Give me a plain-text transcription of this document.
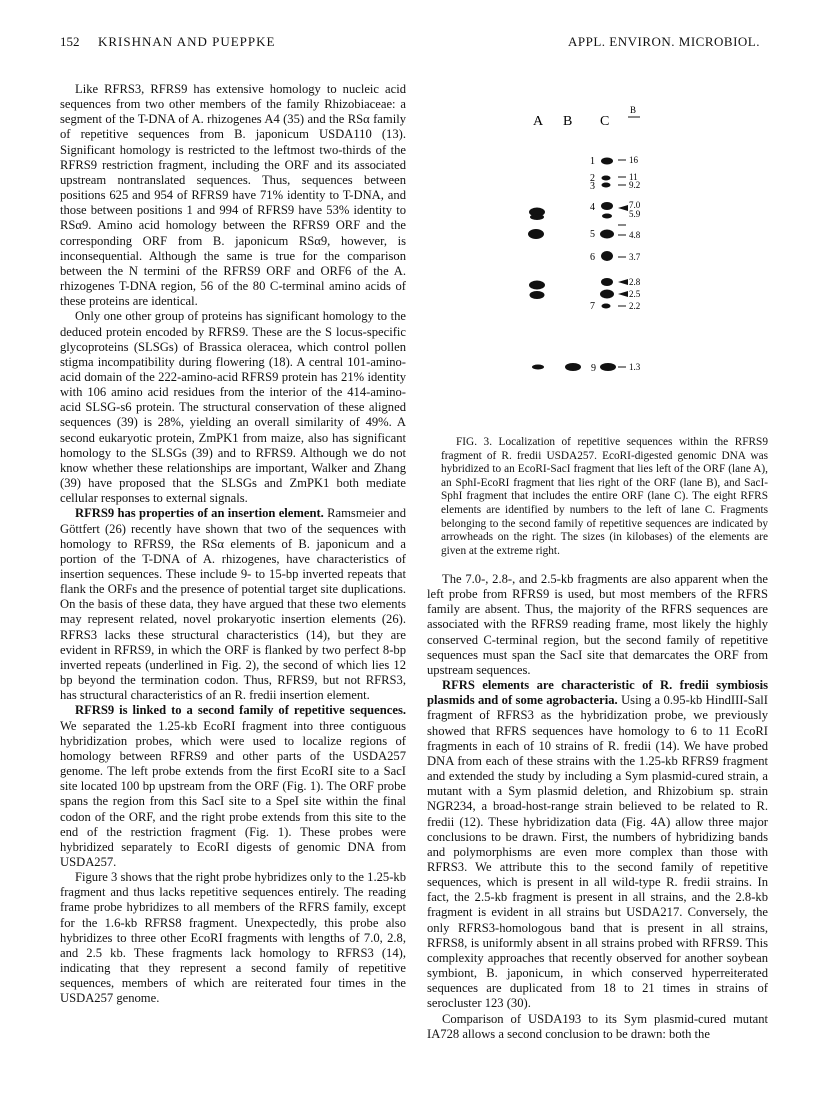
152 KRISHNAN AND PUEPPKE	APPL. ENVIRON. MICROBIOL.

Like RFRS3, RFRS9 has extensive homology to nucleic acid sequences from two other members of the family Rhizobiaceae: a segment of the T-DNA of A. rhizogenes A4 (35) and the RSα family of repetitive sequences from B. japonicum USDA110 (13). Significant homology is restricted to the leftmost two-thirds of the RFRS9 restriction fragment, including the ORF and its associated upstream nontranslated sequences. Thus, sequences between positions 625 and 954 of RFRS9 have 71% identity to T-DNA, and those between positions 1 and 994 of RFRS9 have 53% identity to RSα9. Amino acid homology between the RFRS9 ORF and the corresponding ORF from B. japonicum RSα9, however, is inconsequential. Although the same is true for the comparison between the N termini of the RFRS9 ORF and ORF6 of the A. rhizogenes T-DNA region, 56 of the 80 C-terminal amino acids of these proteins are identical.

Only one other group of proteins has significant homology to the deduced protein encoded by RFRS9. These are the S locus-specific glycoproteins (SLSGs) of Brassica oleracea, which control pollen stigma incompatibility during flowering (18). A central 101-amino-acid domain of the 222-amino-acid RFRS9 protein has 21% identity with 106 amino acid residues from the interior of the 414-amino-acid SLSG-s6 protein. The structural conservation of these aligned sequences (39) is 28%, yielding an overall similarity of 49%. A second eukaryotic protein, ZmPK1 from maize, also has significant homology to the SLSGs (39) and to RFRS9. Although we do not know whether these relationships are important, Walker and Zhang (39) have proposed that the SLSGs and ZmPK1 both mediate cellular responses to external signals.

RFRS9 has properties of an insertion element. Ramsmeier and Göttfert (26) recently have shown that two of the sequences with homology to RFRS9, the RSα elements of B. japonicum and a portion of the T-DNA of A. rhizogenes, have characteristics of insertion sequences. These include 9- to 15-bp inverted repeats that flank the ORFs and the presence of potential target site duplications. On the basis of these data, they have argued that these two elements may represent related, novel prokaryotic insertion elements (26). RFRS3 lacks these structural characteristics (14), but they are evident in RFRS9, in which the ORF is flanked by two perfect 8-bp inverted repeats (underlined in Fig. 2), the second of which lies 12 bp beyond the termination codon. Thus, RFRS9, but not RFRS3, has structural characteristics of an R. fredii insertion element.

RFRS9 is linked to a second family of repetitive sequences. We separated the 1.25-kb EcoRI fragment into three contiguous hybridization probes, which were used to localize regions of homology between RFRS9 and other parts of the USDA257 genome. The left probe extends from the first EcoRI site to a SacI site located 100 bp upstream from the ORF (Fig. 1). The ORF probe spans the region from this SacI site to a SpeI site within the final codon of the ORF, and the right probe extends from this site to the end of the restriction fragment (Fig. 1). These probes were hybridized separately to EcoRI digests of genomic DNA from USDA257.

Figure 3 shows that the right probe hybridizes only to the 1.25-kb fragment and thus lacks repetitive sequences entirely. The reading frame probe hybridizes to all members of the RFRS family, except for the 1.6-kb RFRS8 fragment. Unexpectedly, this probe also hybridizes to three other EcoRI fragments with lengths of 7.0, 2.8, and 2.5 kb. These fragments lack homology to RFRS3 (14), indicating that they represent a second family of repetitive sequences, members of which are reiterated four times in the USDA257 genome.

A B C
B
1
2
3
4
5
6
7
9
16
11
9.2
7.0
5.9
4.8
3.7
2.8
2.5
2.2
1.3
FIG. 3. Localization of repetitive sequences within the RFRS9 fragment of R. fredii USDA257. EcoRI-digested genomic DNA was hybridized to an EcoRI-SacI fragment that lies left of the ORF (lane A), an SphI-EcoRI fragment that lies right of the ORF (lane B), and SacI-SphI fragment that includes the entire ORF (lane C). The eight RFRS elements are identified by numbers to the left of lane C. Fragments belonging to the second family of repetitive sequences are indicated by arrowheads on the right. The sizes (in kilobases) of the elements are given at the extreme right.

The 7.0-, 2.8-, and 2.5-kb fragments are also apparent when the left probe from RFRS9 is used, but most members of the RFRS family are absent. Thus, the majority of the RFRS sequences are associated with the RFRS9 reading frame, most likely the highly conserved C-terminal region, but the second family of repetitive sequences must span the SacI site that demarcates the ORF from upstream sequences.

RFRS elements are characteristic of R. fredii symbiosis plasmids and of some agrobacteria. Using a 0.95-kb HindIII-SalI fragment of RFRS3 as the hybridization probe, we previously showed that RFRS sequences have homology to 6 to 11 EcoRI fragments in each of 10 strains of R. fredii (14). We have probed DNA from each of these strains with the 1.25-kb RFRS9 fragment and extended the study by including a Sym plasmid-cured strain, a mutant with a Sym plasmid deletion, and Rhizobium sp. strain NGR234, a broad-host-range strain believed to be related to R. fredii (12). These hybridization data (Fig. 4A) allow three major conclusions to be drawn. First, the numbers of hybridizing bands and polymorphisms are even more complex than those with RFRS3. We attribute this to the second family of repetitive sequences, which is present in all wild-type R. fredii strains. In fact, the 2.5-kb fragment is present in all strains, and the 2.8-kb fragment is evident in all strains but USDA217. Conversely, the only RFRS3-homologous band that is present in all strains, RFRS8, is uniformly absent in all strains probed with RFRS9. This complexity approaches that recently observed for another soybean symbiont, B. japonicum, in which conserved hyperreiterated sequences are duplicated from 18 to 21 times in strains of serocluster 123 (30).

Comparison of USDA193 to its Sym plasmid-cured mutant IA728 allows a second conclusion to be drawn: both the
